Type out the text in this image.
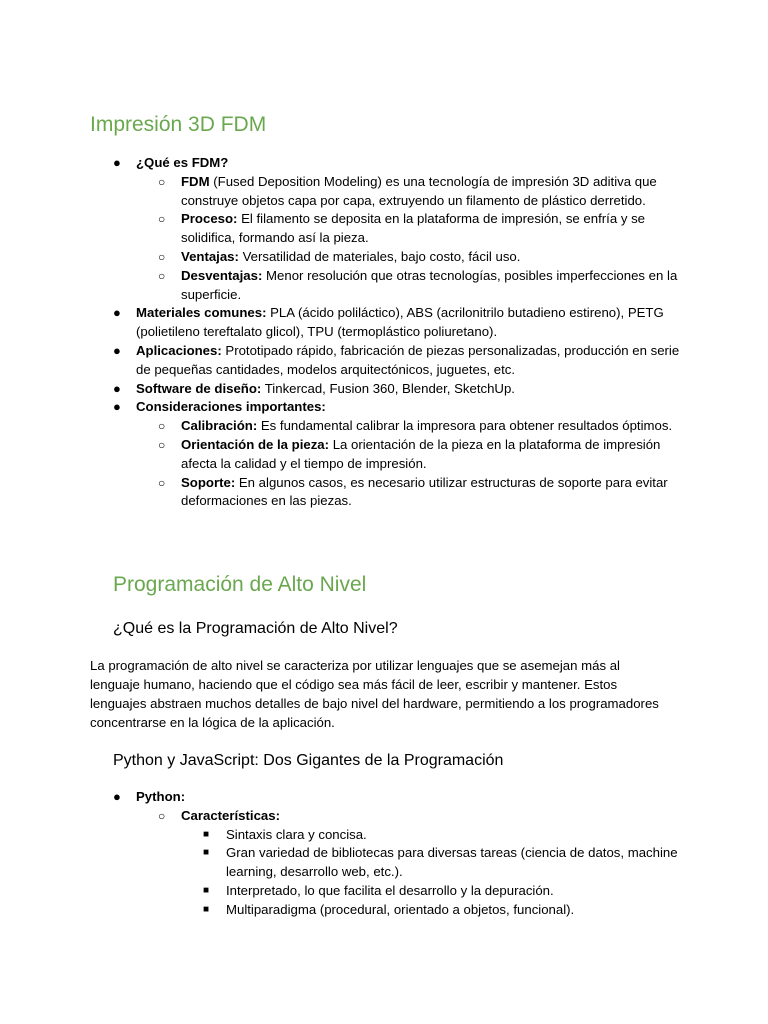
Impresión 3D FDM
● ¿Qué es FDM?
○ FDM (Fused Deposition Modeling) es una tecnología de impresión 3D aditiva que construye objetos capa por capa, extruyendo un filamento de plástico derretido.
○ Proceso: El filamento se deposita en la plataforma de impresión, se enfría y se solidifica, formando así la pieza.
○ Ventajas: Versatilidad de materiales, bajo costo, fácil uso.
○ Desventajas: Menor resolución que otras tecnologías, posibles imperfecciones en la superficie.
● Materiales comunes: PLA (ácido poliláctico), ABS (acrilonitrilo butadieno estireno), PETG (polietileno tereftalato glicol), TPU (termoplástico poliuretano).
● Aplicaciones: Prototipado rápido, fabricación de piezas personalizadas, producción en serie de pequeñas cantidades, modelos arquitectónicos, juguetes, etc.
● Software de diseño: Tinkercad, Fusion 360, Blender, SketchUp.
● Consideraciones importantes:
○ Calibración: Es fundamental calibrar la impresora para obtener resultados óptimos.
○ Orientación de la pieza: La orientación de la pieza en la plataforma de impresión afecta la calidad y el tiempo de impresión.
○ Soporte: En algunos casos, es necesario utilizar estructuras de soporte para evitar deformaciones en las piezas.
Programación de Alto Nivel
¿Qué es la Programación de Alto Nivel?

La programación de alto nivel se caracteriza por utilizar lenguajes que se asemejan más al lenguaje humano, haciendo que el código sea más fácil de leer, escribir y mantener. Estos lenguajes abstraen muchos detalles de bajo nivel del hardware, permitiendo a los programadores concentrarse en la lógica de la aplicación.

Python y JavaScript: Dos Gigantes de la Programación
● Python:
○ Características:
■ Sintaxis clara y concisa.
■ Gran variedad de bibliotecas para diversas tareas (ciencia de datos, machine learning, desarrollo web, etc.).
■ Interpretado, lo que facilita el desarrollo y la depuración.
■ Multiparadigma (procedural, orientado a objetos, funcional).
